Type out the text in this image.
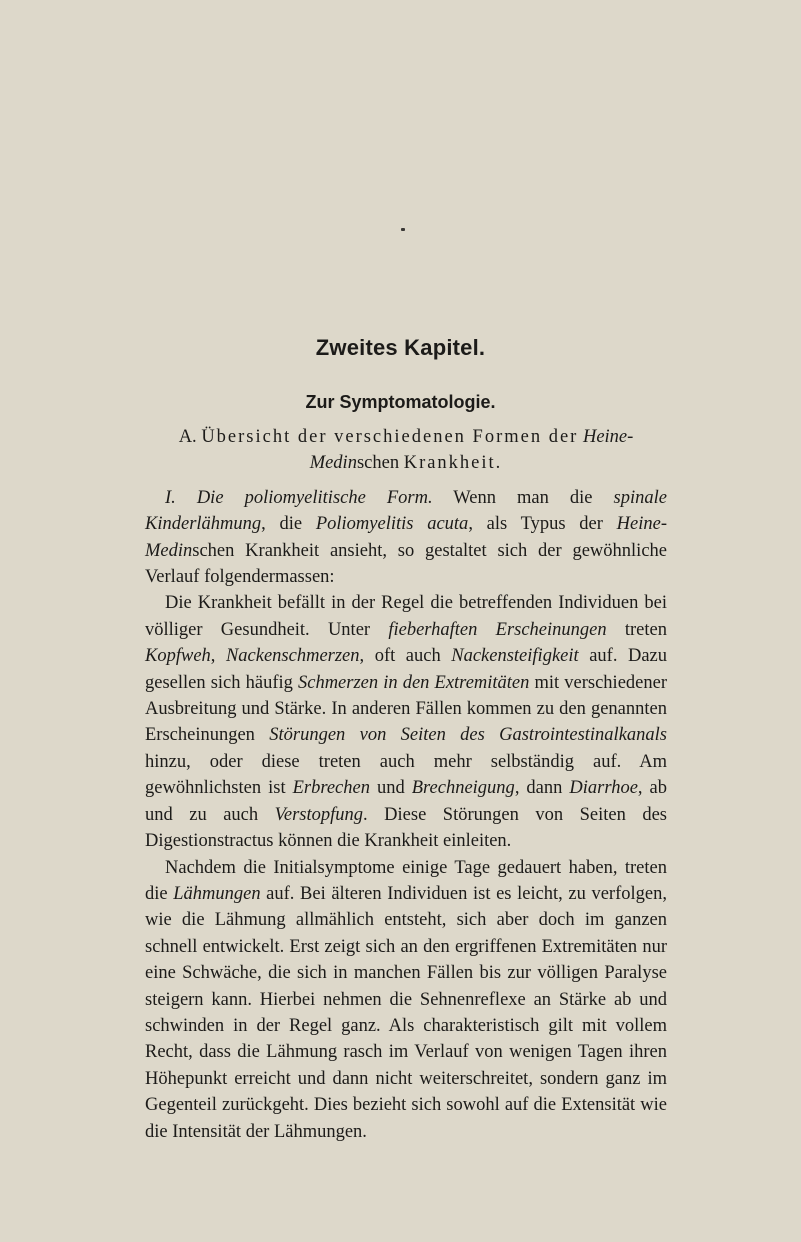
Zweites Kapitel.
Zur Symptomatologie.

A. Übersicht der verschiedenen Formen der Heine-Medinschen Krankheit.

I. Die poliomyelitische Form. Wenn man die spinale Kinderlähmung, die Poliomyelitis acuta, als Typus der Heine-Medinschen Krankheit ansieht, so gestaltet sich der gewöhnliche Verlauf folgendermassen:

Die Krankheit befällt in der Regel die betreffenden Individuen bei völliger Gesundheit. Unter fieberhaften Erscheinungen treten Kopfweh, Nackenschmerzen, oft auch Nackensteifigkeit auf. Dazu gesellen sich häufig Schmerzen in den Extremitäten mit verschiedener Ausbreitung und Stärke. In anderen Fällen kommen zu den genannten Erscheinungen Störungen von Seiten des Gastrointestinalkanals hinzu, oder diese treten auch mehr selbständig auf. Am gewöhnlichsten ist Erbrechen und Brechneigung, dann Diarrhoe, ab und zu auch Verstopfung. Diese Störungen von Seiten des Digestionstractus können die Krankheit einleiten.

Nachdem die Initialsymptome einige Tage gedauert haben, treten die Lähmungen auf. Bei älteren Individuen ist es leicht, zu verfolgen, wie die Lähmung allmählich entsteht, sich aber doch im ganzen schnell entwickelt. Erst zeigt sich an den ergriffenen Extremitäten nur eine Schwäche, die sich in manchen Fällen bis zur völligen Paralyse steigern kann. Hierbei nehmen die Sehnenreflexe an Stärke ab und schwinden in der Regel ganz. Als charakteristisch gilt mit vollem Recht, dass die Lähmung rasch im Verlauf von wenigen Tagen ihren Höhepunkt erreicht und dann nicht weiterschreitet, sondern ganz im Gegenteil zurückgeht. Dies bezieht sich sowohl auf die Extensität wie die Intensität der Lähmungen.
